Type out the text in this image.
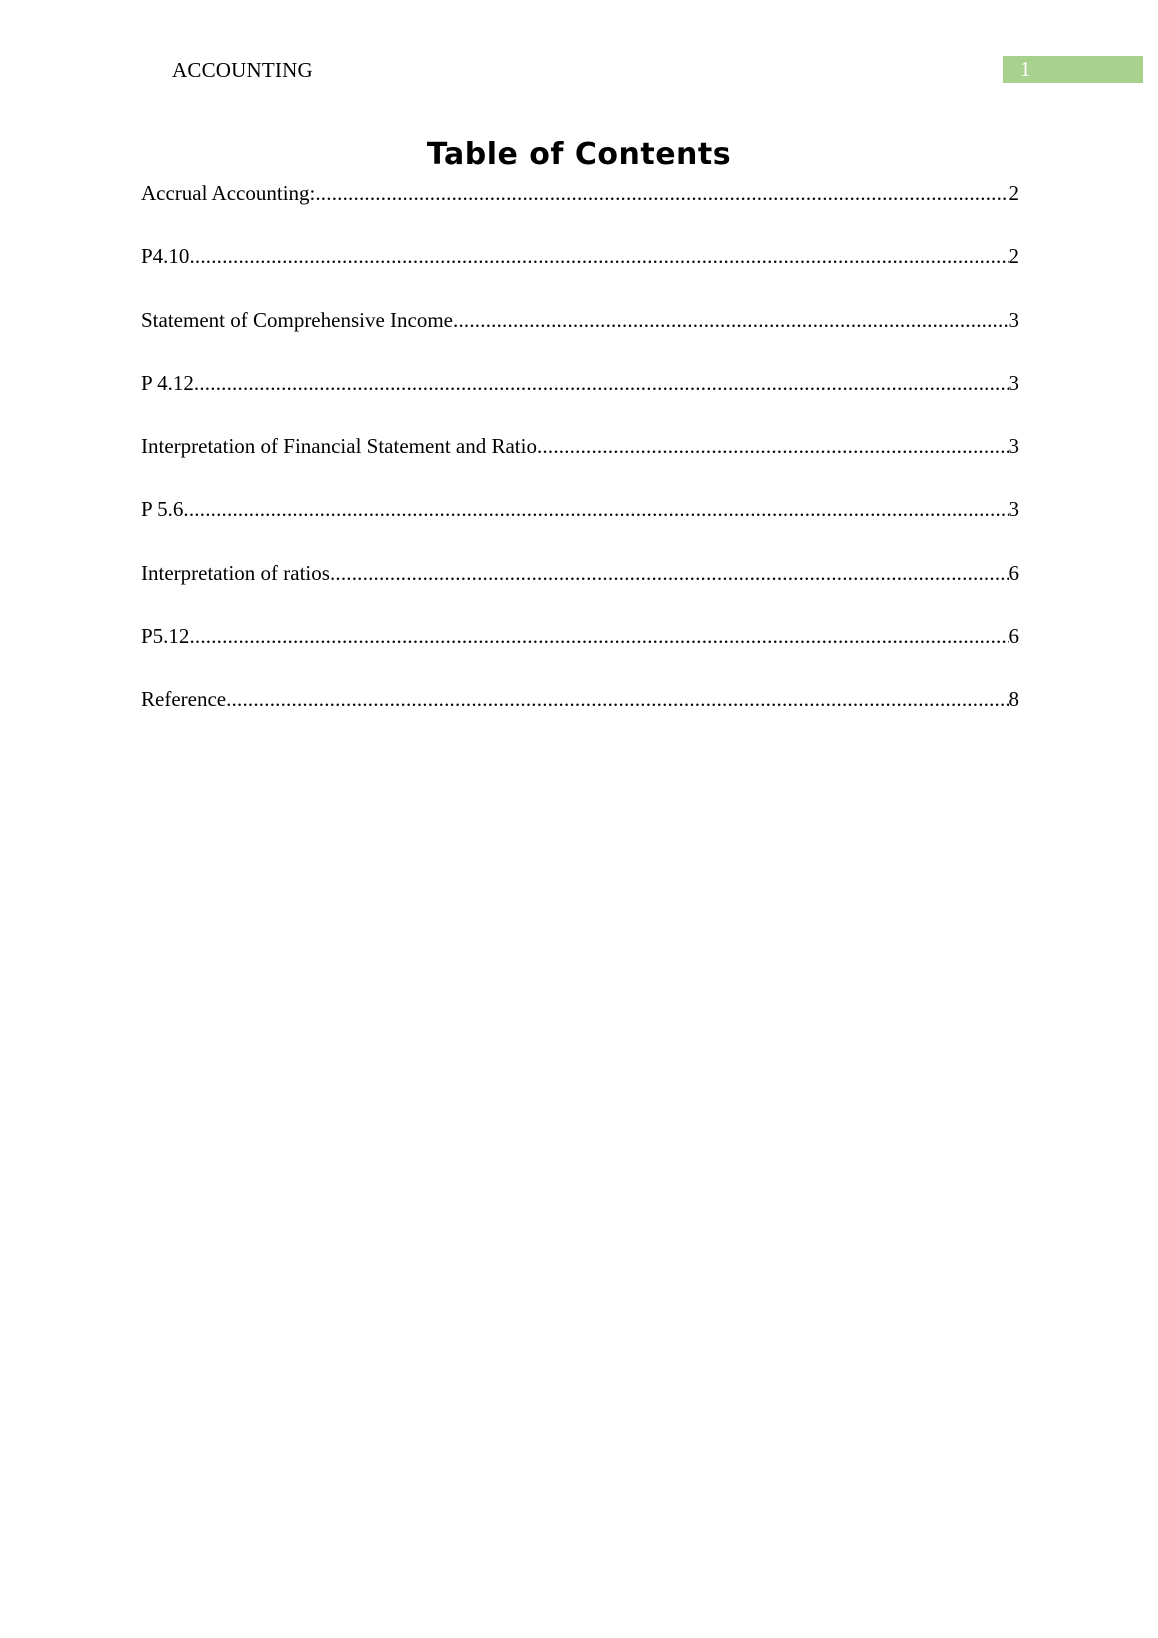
ACCOUNTING	1
Table of Contents
Accrual Accounting: .....	2
P4.10 .....	2
Statement of Comprehensive Income .....	3
P 4.12 .....	3
Interpretation of Financial Statement and Ratio .....	3
P 5.6 .....	3
Interpretation of ratios .....	6
P5.12 .....	6
Reference .....	8
